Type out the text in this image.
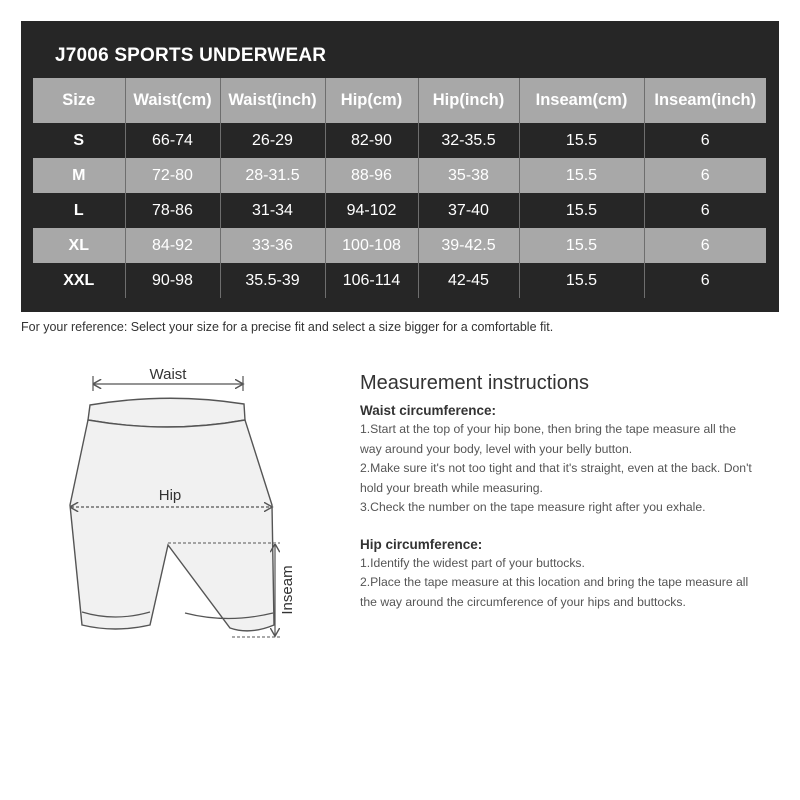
J7006 SPORTS UNDERWEAR
Size	Waist(cm)	Waist(inch)	Hip(cm)	Hip(inch)	Inseam(cm)	Inseam(inch)
S	66-74	26-29	82-90	32-35.5	15.5	6
M	72-80	28-31.5	88-96	35-38	15.5	6
L	78-86	31-34	94-102	37-40	15.5	6
XL	84-92	33-36	100-108	39-42.5	15.5	6
XXL	90-98	35.5-39	106-114	42-45	15.5	6
For your reference: Select your size for a precise fit and select a size bigger for a comfortable fit.
Waist
Hip
Inseam
Measurement instructions
Waist circumference:

1.Start at the top of your hip bone, then bring the tape measure all the

way around your body, level with your belly button.

2.Make sure it's not too tight and that it's straight, even at the back. Don't

hold your breath while measuring.

3.Check the number on the tape measure right after you exhale.

Hip circumference:

1.Identify the widest part of your buttocks.

2.Place the tape measure at this location and bring the tape measure all

the way around the circumference of your hips and buttocks.
